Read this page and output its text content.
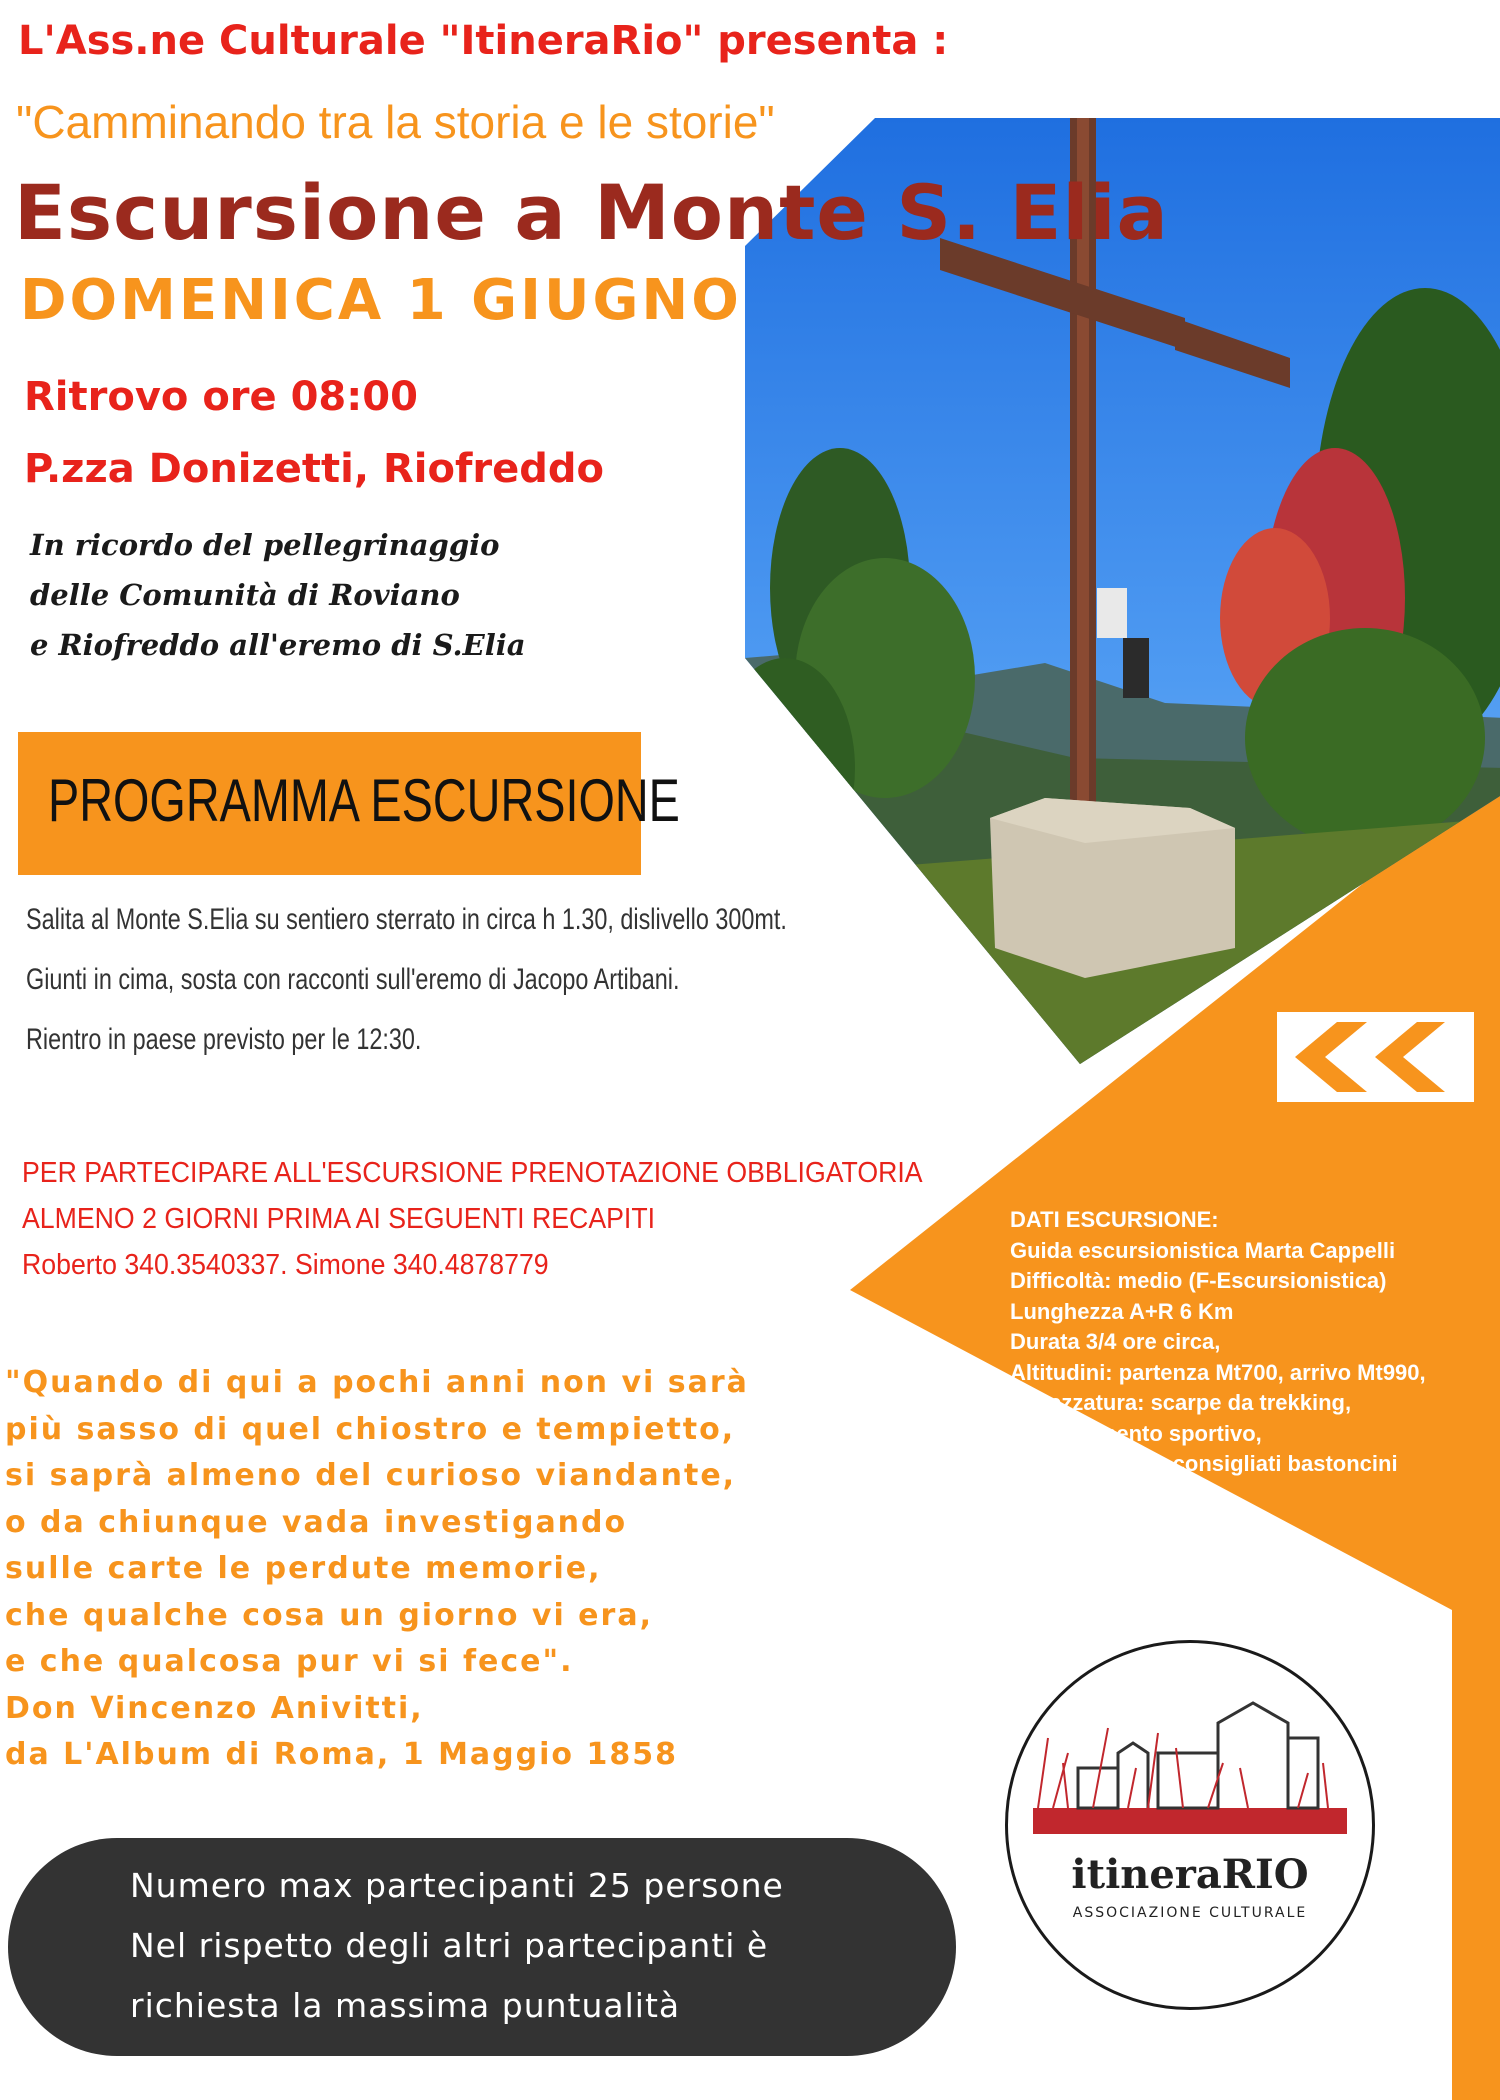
L'Ass.ne Culturale "ItineraRio" presenta :
"Camminando tra la storia e le storie"
Escursione a Monte S. Elia
DOMENICA 1 GIUGNO
Ritrovo ore 08:00
P.zza Donizetti, Riofreddo
In ricordo del pellegrinaggio
delle Comunità di Roviano
e Riofreddo all'eremo di S.Elia
PROGRAMMA ESCURSIONE
Salita al Monte S.Elia su sentiero sterrato in circa h 1.30, dislivello 300mt.
Giunti in cima, sosta con racconti sull'eremo di Jacopo Artibani.
Rientro in paese previsto per le 12:30.
PER PARTECIPARE ALL'ESCURSIONE PRENOTAZIONE OBBLIGATORIA
ALMENO 2 GIORNI PRIMA AI SEGUENTI RECAPITI
Roberto 340.3540337. Simone 340.4878779
DATI ESCURSIONE:
Guida escursionistica Marta Cappelli
Difficoltà: medio (F-Escursionistica)
Lunghezza A+R 6 Km
Durata 3/4 ore circa,
Altitudini: partenza Mt700, arrivo Mt990,
Attrezzatura: scarpe da trekking,
Abbigliamento sportivo,
acqua e snack, consigliati bastoncini
"Quando di qui a pochi anni non vi sarà
più sasso di quel chiostro e tempietto,
si saprà almeno del curioso viandante,
o da chiunque vada investigando
sulle carte le perdute memorie,
che qualche cosa un giorno vi era,
e che qualcosa pur vi si fece".
Don Vincenzo Anivitti,
da L'Album di Roma, 1 Maggio 1858
Numero max partecipanti 25 persone
Nel rispetto degli altri partecipanti è
richiesta la massima puntualità
itineraRIO
ASSOCIAZIONE CULTURALE
